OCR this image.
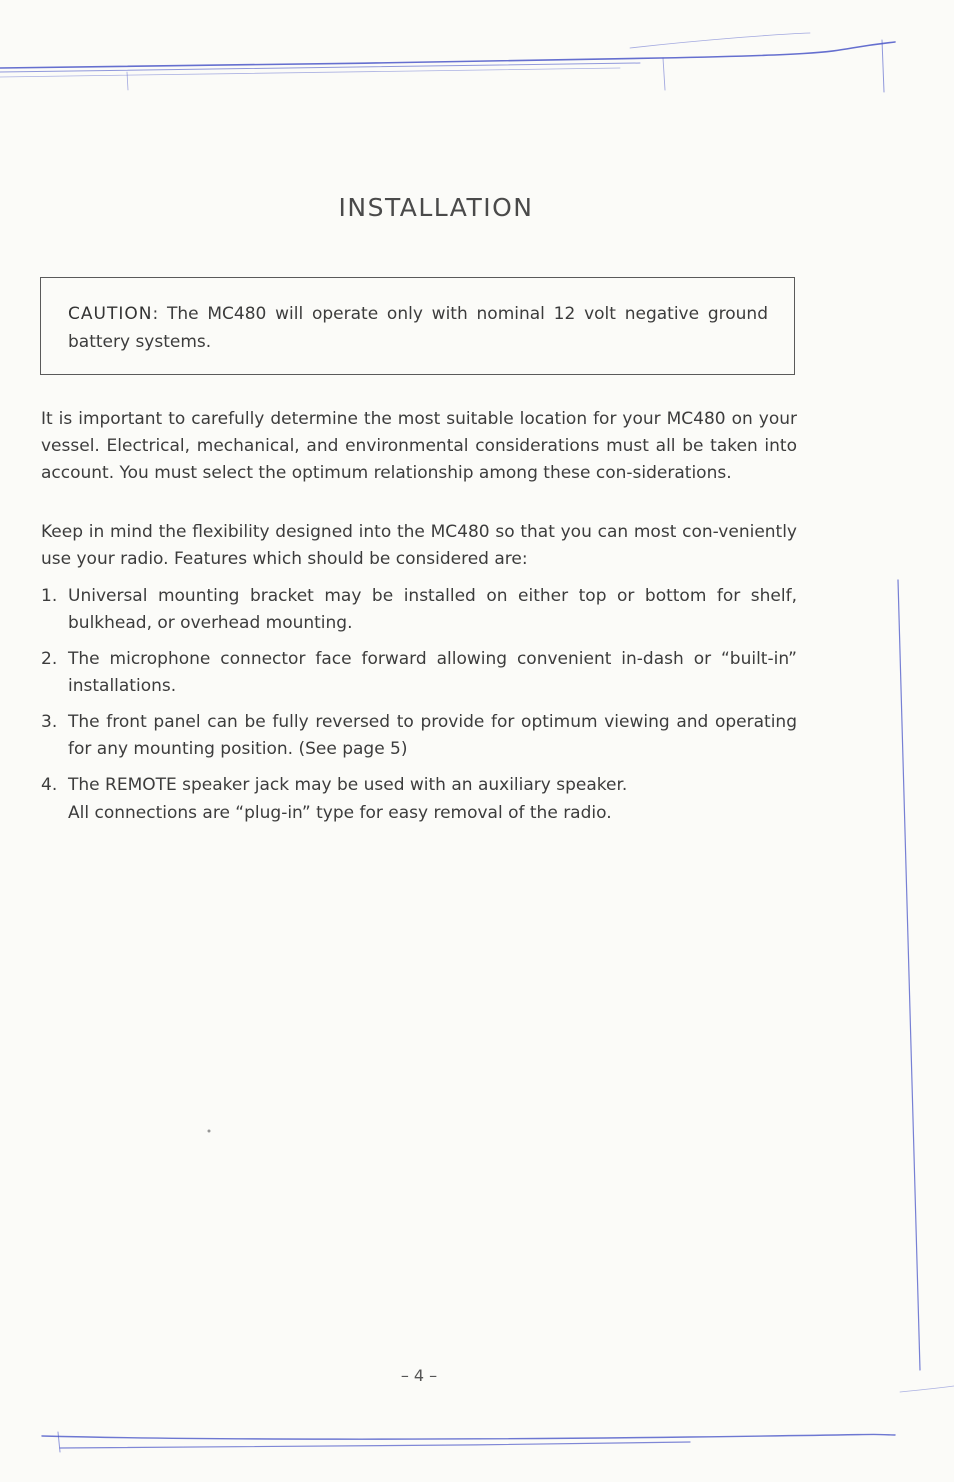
INSTALLATION
CAUTION: The MC480 will operate only with nominal 12 volt negative ground battery systems.

It is important to carefully determine the most suitable location for your MC480 on your vessel. Electrical, mechanical, and environmental considerations must all be taken into account. You must select the optimum relationship among these con-siderations.

Keep in mind the flexibility designed into the MC480 so that you can most con-veniently use your radio. Features which should be considered are:

1. Universal mounting bracket may be installed on either top or bottom for shelf, bulkhead, or overhead mounting.
2. The microphone connector face forward allowing convenient in-dash or “built-in” installations.
3. The front panel can be fully reversed to provide for optimum viewing and operating for any mounting position. (See page 5)
4. The REMOTE speaker jack may be used with an auxiliary speaker.

All connections are “plug-in” type for easy removal of the radio.

– 4 –
